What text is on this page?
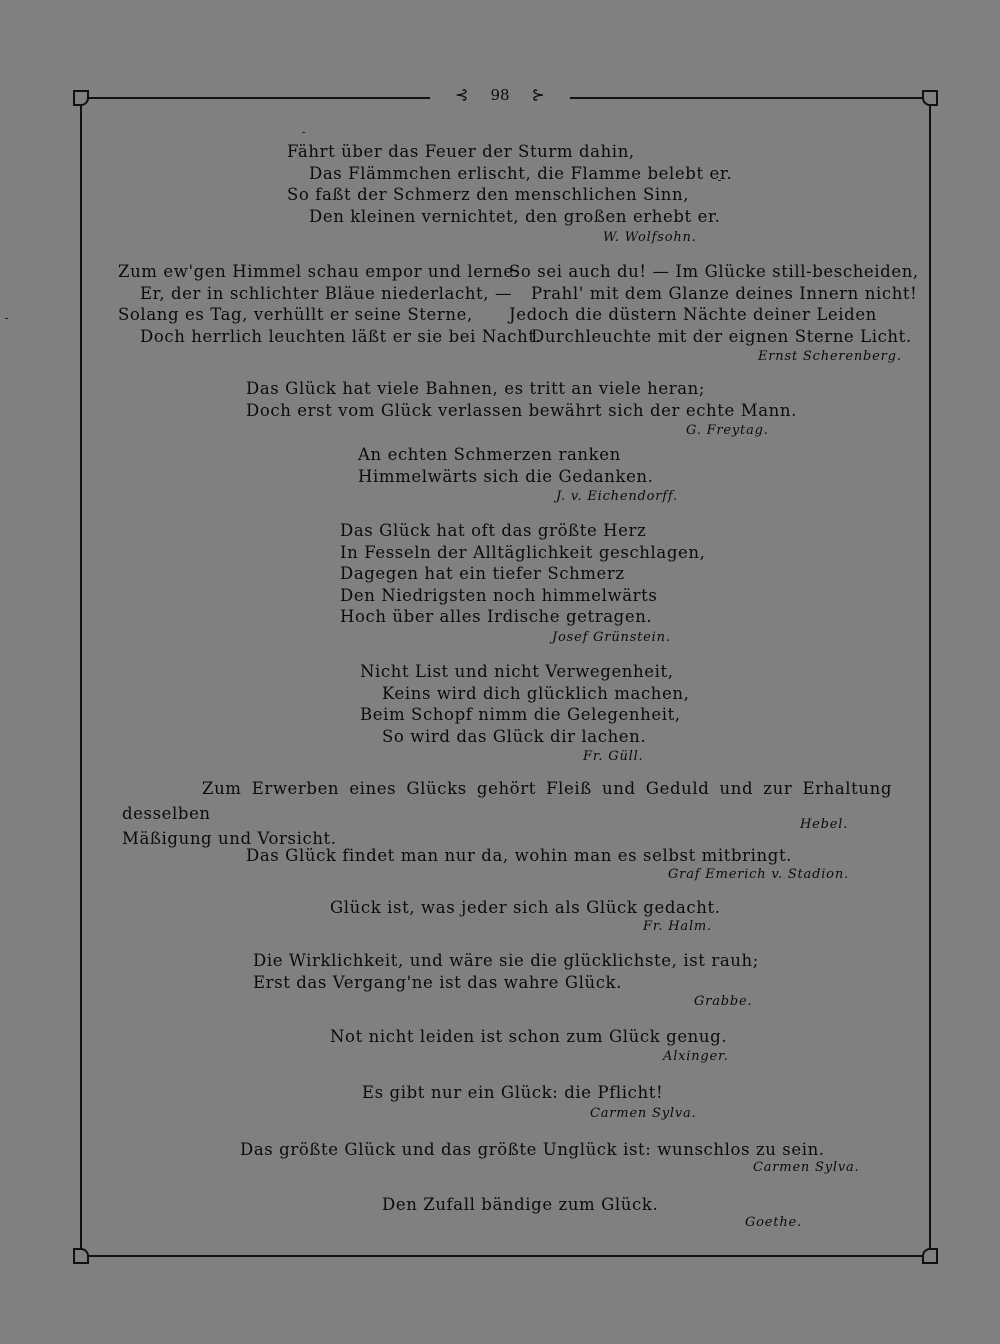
⊰ 98 ⊱
Fährt über das Feuer der Sturm dahin,
Das Flämmchen erlischt, die Flamme belebt er.
So faßt der Schmerz den menschlichen Sinn,
Den kleinen vernichtet, den großen erhebt er.
W. Wolfsohn.
Zum ew'gen Himmel schau empor und lerne:
Er, der in schlichter Bläue niederlacht, —
Solang es Tag, verhüllt er seine Sterne,
Doch herrlich leuchten läßt er sie bei Nacht.
So sei auch du! — Im Glücke still-bescheiden,
Prahl' mit dem Glanze deines Innern nicht!
Jedoch die düstern Nächte deiner Leiden
Durchleuchte mit der eignen Sterne Licht.
Ernst Scherenberg.
Das Glück hat viele Bahnen, es tritt an viele heran;
Doch erst vom Glück verlassen bewährt sich der echte Mann.
G. Freytag.
An echten Schmerzen ranken
Himmelwärts sich die Gedanken.
J. v. Eichendorff.
Das Glück hat oft das größte Herz
In Fesseln der Alltäglichkeit geschlagen,
Dagegen hat ein tiefer Schmerz
Den Niedrigsten noch himmelwärts
Hoch über alles Irdische getragen.
Josef Grünstein.
Nicht List und nicht Verwegenheit,
Keins wird dich glücklich machen,
Beim Schopf nimm die Gelegenheit,
So wird das Glück dir lachen.
Fr. Güll.
Zum Erwerben eines Glücks gehört Fleiß und Geduld und zur Erhaltung desselben
Mäßigung und Vorsicht.
Hebel.
Das Glück findet man nur da, wohin man es selbst mitbringt.
Graf Emerich v. Stadion.
Glück ist, was jeder sich als Glück gedacht.
Fr. Halm.
Die Wirklichkeit, und wäre sie die glücklichste, ist rauh;
Erst das Vergang'ne ist das wahre Glück.
Grabbe.
Not nicht leiden ist schon zum Glück genug.
Alxinger.
Es gibt nur ein Glück: die Pflicht!
Carmen Sylva.
Das größte Glück und das größte Unglück ist: wunschlos zu sein.
Carmen Sylva.
Den Zufall bändige zum Glück.
Goethe.
